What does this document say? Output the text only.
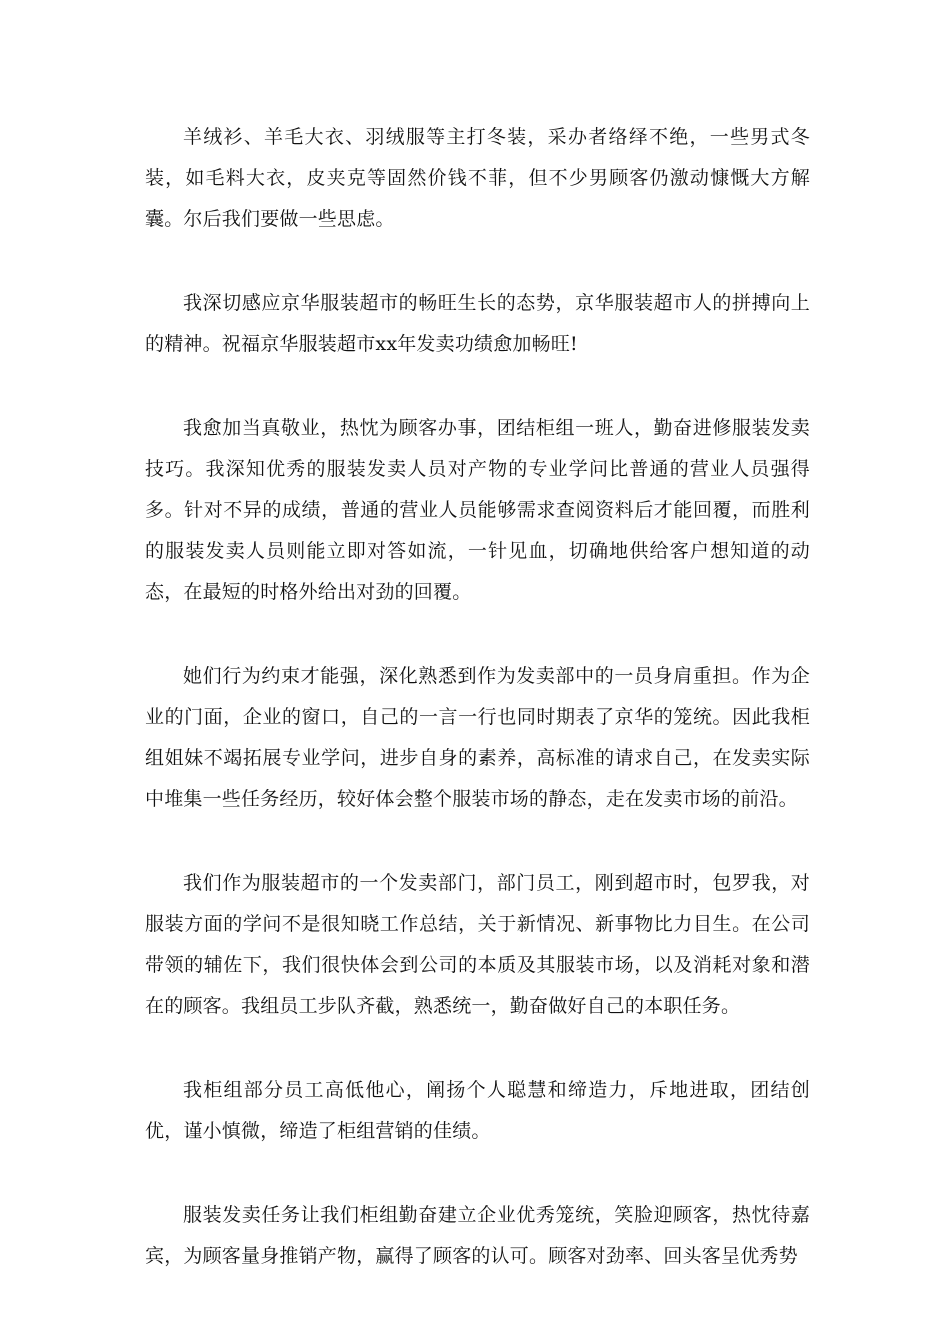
羊绒衫、羊毛大衣、羽绒服等主打冬装，采办者络绎不绝，一些男式冬装，如毛料大衣，皮夹克等固然价钱不菲，但不少男顾客仍激动慷慨大方解囊。尔后我们要做一些思虑。

我深切感应京华服装超市的畅旺生长的态势，京华服装超市人的拼搏向上的精神。祝福京华服装超市xx年发卖功绩愈加畅旺!

我愈加当真敬业，热忱为顾客办事，团结柜组一班人，勤奋进修服装发卖技巧。我深知优秀的服装发卖人员对产物的专业学问比普通的营业人员强得多。针对不异的成绩，普通的营业人员能够需求查阅资料后才能回覆，而胜利的服装发卖人员则能立即对答如流，一针见血，切确地供给客户想知道的动态，在最短的时格外给出对劲的回覆。

她们行为约束才能强，深化熟悉到作为发卖部中的一员身肩重担。作为企业的门面，企业的窗口，自己的一言一行也同时期表了京华的笼统。因此我柜组姐妹不竭拓展专业学问，进步自身的素养，高标准的请求自己，在发卖实际中堆集一些任务经历，较好体会整个服装市场的静态，走在发卖市场的前沿。

我们作为服装超市的一个发卖部门，部门员工，刚到超市时，包罗我，对服装方面的学问不是很知晓工作总结，关于新情况、新事物比力目生。在公司带领的辅佐下，我们很快体会到公司的本质及其服装市场，以及消耗对象和潜在的顾客。我组员工步队齐截，熟悉统一，勤奋做好自己的本职任务。

我柜组部分员工高低他心，阐扬个人聪慧和缔造力，斥地进取，团结创优，谨小慎微，缔造了柜组营销的佳绩。

服装发卖任务让我们柜组勤奋建立企业优秀笼统，笑脸迎顾客，热忱待嘉宾，为顾客量身推销产物，赢得了顾客的认可。顾客对劲率、回头客呈优秀势
